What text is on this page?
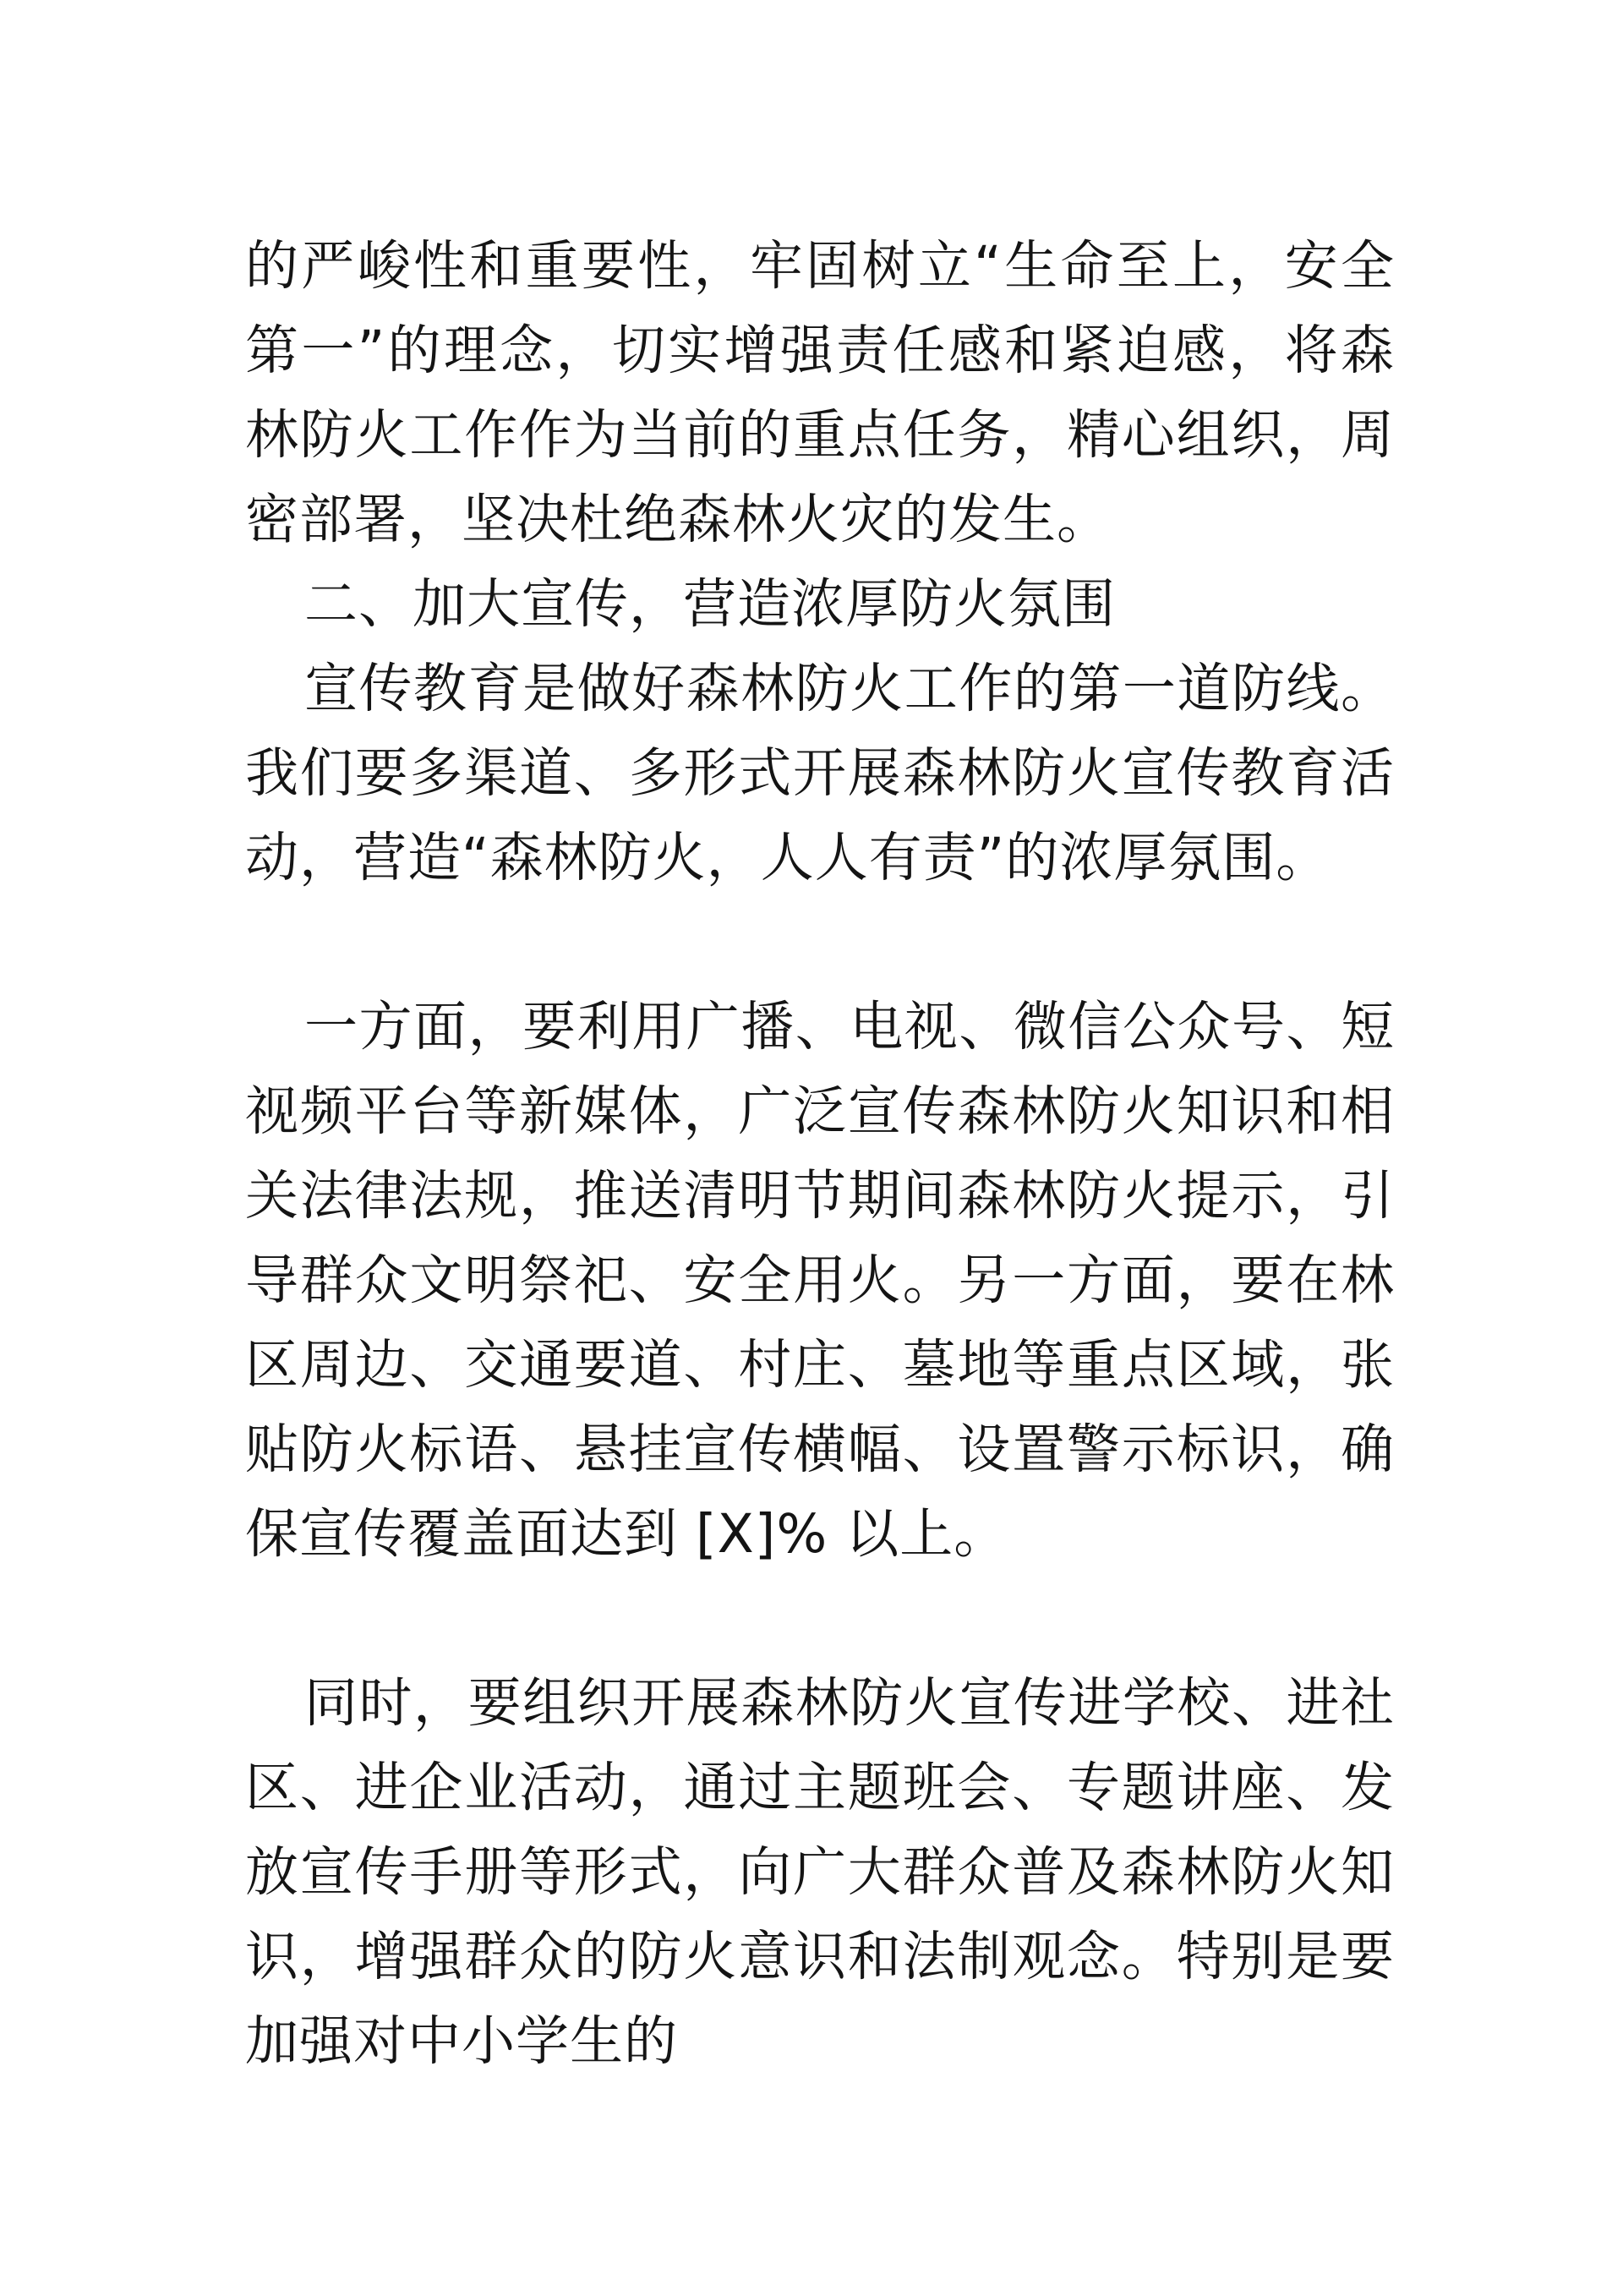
的严峻性和重要性，牢固树立“生命至上，安全第一”的理念，切实增强责任感和紧迫感，将森林防火工作作为当前的重点任务，精心组织，周密部署，坚决杜绝森林火灾的发生。

二、加大宣传，营造浓厚防火氛围

宣传教育是做好森林防火工作的第一道防线。我们要多渠道、多形式开展森林防火宣传教育活动，营造“森林防火，人人有责”的浓厚氛围。

一方面，要利用广播、电视、微信公众号、短视频平台等新媒体，广泛宣传森林防火知识和相关法律法规，推送清明节期间森林防火提示，引导群众文明祭祀、安全用火。另一方面，要在林区周边、交通要道、村庄、墓地等重点区域，张贴防火标语、悬挂宣传横幅、设置警示标识，确保宣传覆盖面达到 [X]% 以上。

同时，要组织开展森林防火宣传进学校、进社区、进企业活动，通过主题班会、专题讲座、发放宣传手册等形式，向广大群众普及森林防火知识，增强群众的防火意识和法制观念。特别是要加强对中小学生的
